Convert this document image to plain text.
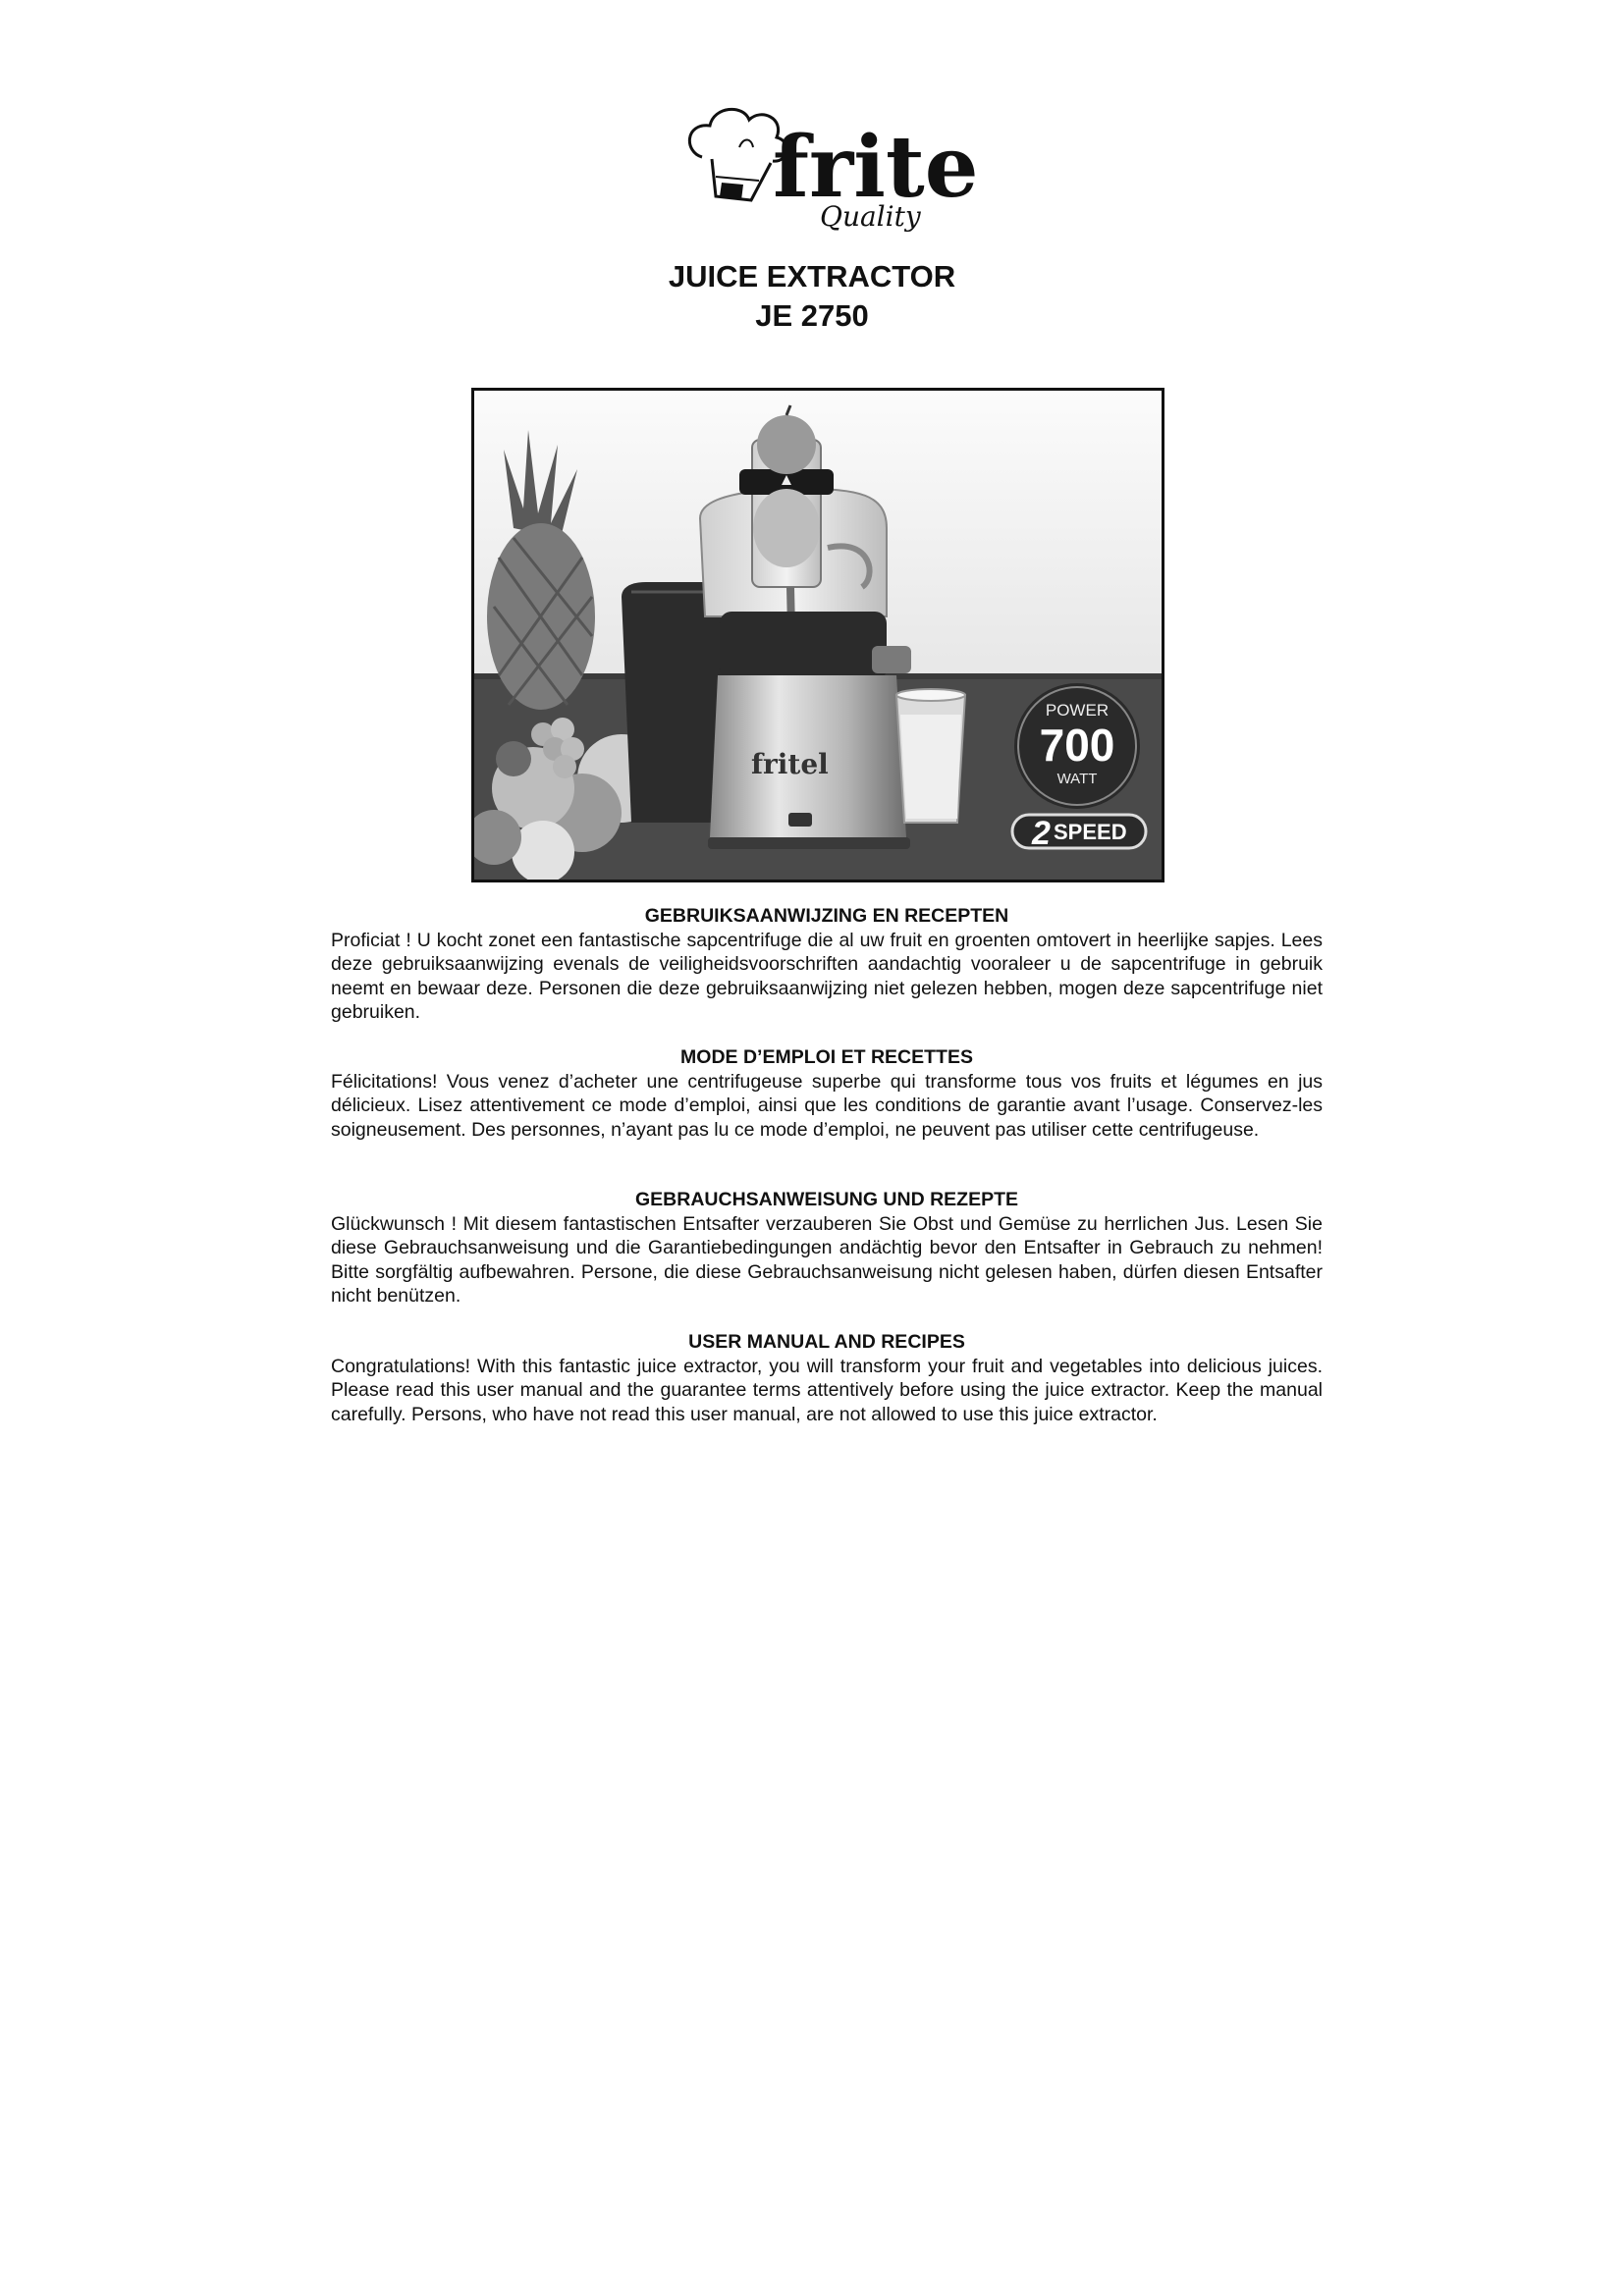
frite
Quality
JUICE EXTRACTOR
JE 2750
fritel
POWER
700
WATT
2 SPEED
GEBRUIKSAANWIJZING EN RECEPTEN

Proficiat ! U kocht zonet een fantastische sapcentrifuge die al uw fruit en groenten omtovert in heerlijke sapjes. Lees deze gebruiksaanwijzing evenals de veiligheidsvoorschriften aandachtig vooraleer u de sapcentrifuge in gebruik neemt en bewaar deze. Personen die deze gebruiksaanwijzing niet gelezen hebben, mogen deze sapcentrifuge niet gebruiken.

MODE D’EMPLOI ET RECETTES

Félicitations! Vous venez d’acheter une centrifugeuse superbe qui transforme tous vos fruits et légumes en jus délicieux. Lisez attentivement ce mode d’emploi, ainsi que les conditions de garantie avant l’usage. Conservez-les soigneusement. Des personnes, n’ayant pas lu ce mode d’emploi, ne peuvent pas utiliser cette centrifugeuse.

GEBRAUCHSANWEISUNG UND REZEPTE

Glückwunsch ! Mit diesem fantastischen Entsafter verzauberen Sie Obst und Gemüse zu herrlichen Jus. Lesen Sie diese Gebrauchsanweisung und die Garantiebedingungen andächtig bevor den Entsafter in Gebrauch zu nehmen! Bitte sorgfältig aufbewahren. Persone, die diese Gebrauchsanweisung nicht gelesen haben, dürfen diesen Entsafter nicht benützen.

USER MANUAL AND RECIPES

Congratulations! With this fantastic juice extractor, you will transform your fruit and vegetables into delicious juices. Please read this user manual and the guarantee terms attentively before using the juice extractor. Keep the manual carefully. Persons, who have not read this user manual, are not allowed to use this juice extractor.
